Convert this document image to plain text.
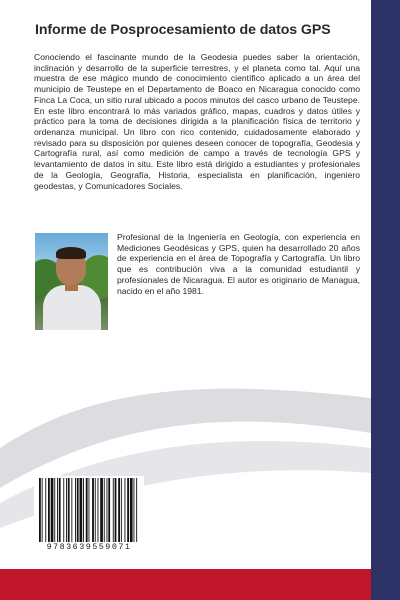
Informe de Posprocesamiento de datos GPS

Conociendo el fascinante mundo de la Geodesia puedes saber la orientación, inclinación y desarrollo de la superficie terrestres, y el planeta como tal. Aquí una muestra de ese mágico mundo de conocimiento científico aplicado a un área del municipio de Teustepe en el Departamento de Boaco en Nicaragua conocido como Finca La Coca, un sitio rural ubicado a pocos minutos del casco urbano de Teustepe. En este libro encontrará lo más variados gráfico, mapas, cuadros y datos útiles y práctico para la toma de decisiones dirigida a la planificación física de territorio y ordenanza municipal. Un libro con rico contenido, cuidadosamente elaborado y revisado para su disposición por quienes deseen conocer de topografía, Geodesia y Cartografía rural, así como medición de campo a través de tecnología GPS y levantamiento de datos in situ. Este libro está dirigido a estudiantes y profesionales de la Geología, Geografía, Historia, especialista en planificación, ingeniero geodestas, y Comunicadores Sociales.

Profesional de la Ingeniería en Geología, con experiencia en Mediciones Geodésicas y GPS, quien ha desarrollado 20 años de experiencia en el área de Topografía y Cartografía. Un libro que es contribución viva a la comunidad estudiantil y profesionales de Nicaragua. El autor es originario de Managua, nacido en el año 1981.

9783639559071
